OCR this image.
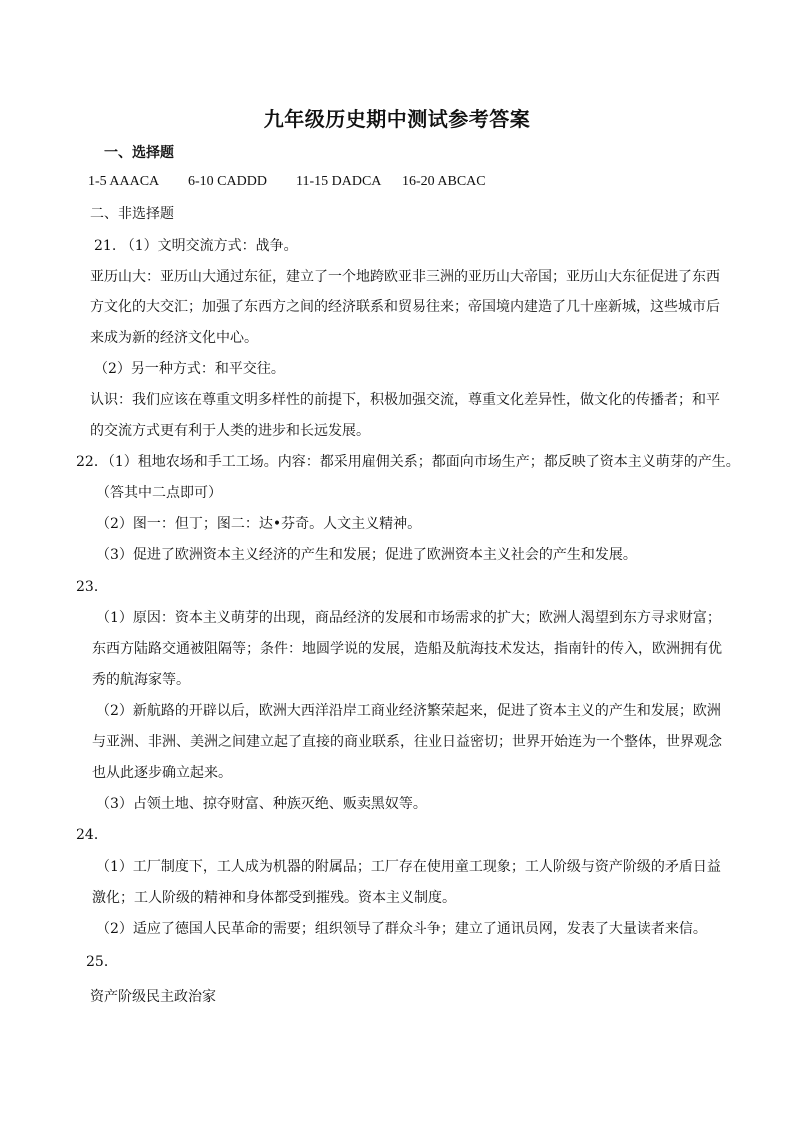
九年级历史期中测试参考答案
一、选择题
1-5 AAACA 6-10 CADDD 11-15 DADCA 16-20 ABCAC
二、非选择题
21. （1）文明交流方式：战争。
亚历山大：亚历山大通过东征，建立了一个地跨欧亚非三洲的亚历山大帝国；亚历山大东征促进了东西
方文化的大交汇；加强了东西方之间的经济联系和贸易往来；帝国境内建造了几十座新城，这些城市后
来成为新的经济文化中心。
（2）另一种方式：和平交往。
认识：我们应该在尊重文明多样性的前提下，积极加强交流，尊重文化差异性，做文化的传播者；和平
的交流方式更有利于人类的进步和长远发展。
22．（1）租地农场和手工工场。内容：都采用雇佣关系；都面向市场生产；都反映了资本主义萌芽的产生。
（答其中二点即可）
（2）图一：但丁；图二：达•芬奇。人文主义精神。
（3）促进了欧洲资本主义经济的产生和发展；促进了欧洲资本主义社会的产生和发展。
23．
（1）原因：资本主义萌芽的出现，商品经济的发展和市场需求的扩大；欧洲人渴望到东方寻求财富；
东西方陆路交通被阻隔等；条件：地圆学说的发展，造船及航海技术发达，指南针的传入，欧洲拥有优
秀的航海家等。
（2）新航路的开辟以后，欧洲大西洋沿岸工商业经济繁荣起来，促进了资本主义的产生和发展；欧洲
与亚洲、非洲、美洲之间建立起了直接的商业联系，往业日益密切；世界开始连为一个整体，世界观念
也从此逐步确立起来。
（3）占领土地、掠夺财富、种族灭绝、贩卖黑奴等。
24．
（1）工厂制度下，工人成为机器的附属品；工厂存在使用童工现象；工人阶级与资产阶级的矛盾日益
激化；工人阶级的精神和身体都受到摧残。资本主义制度。
（2）适应了德国人民革命的需要；组织领导了群众斗争；建立了通讯员网，发表了大量读者来信。
25．
资产阶级民主政治家
